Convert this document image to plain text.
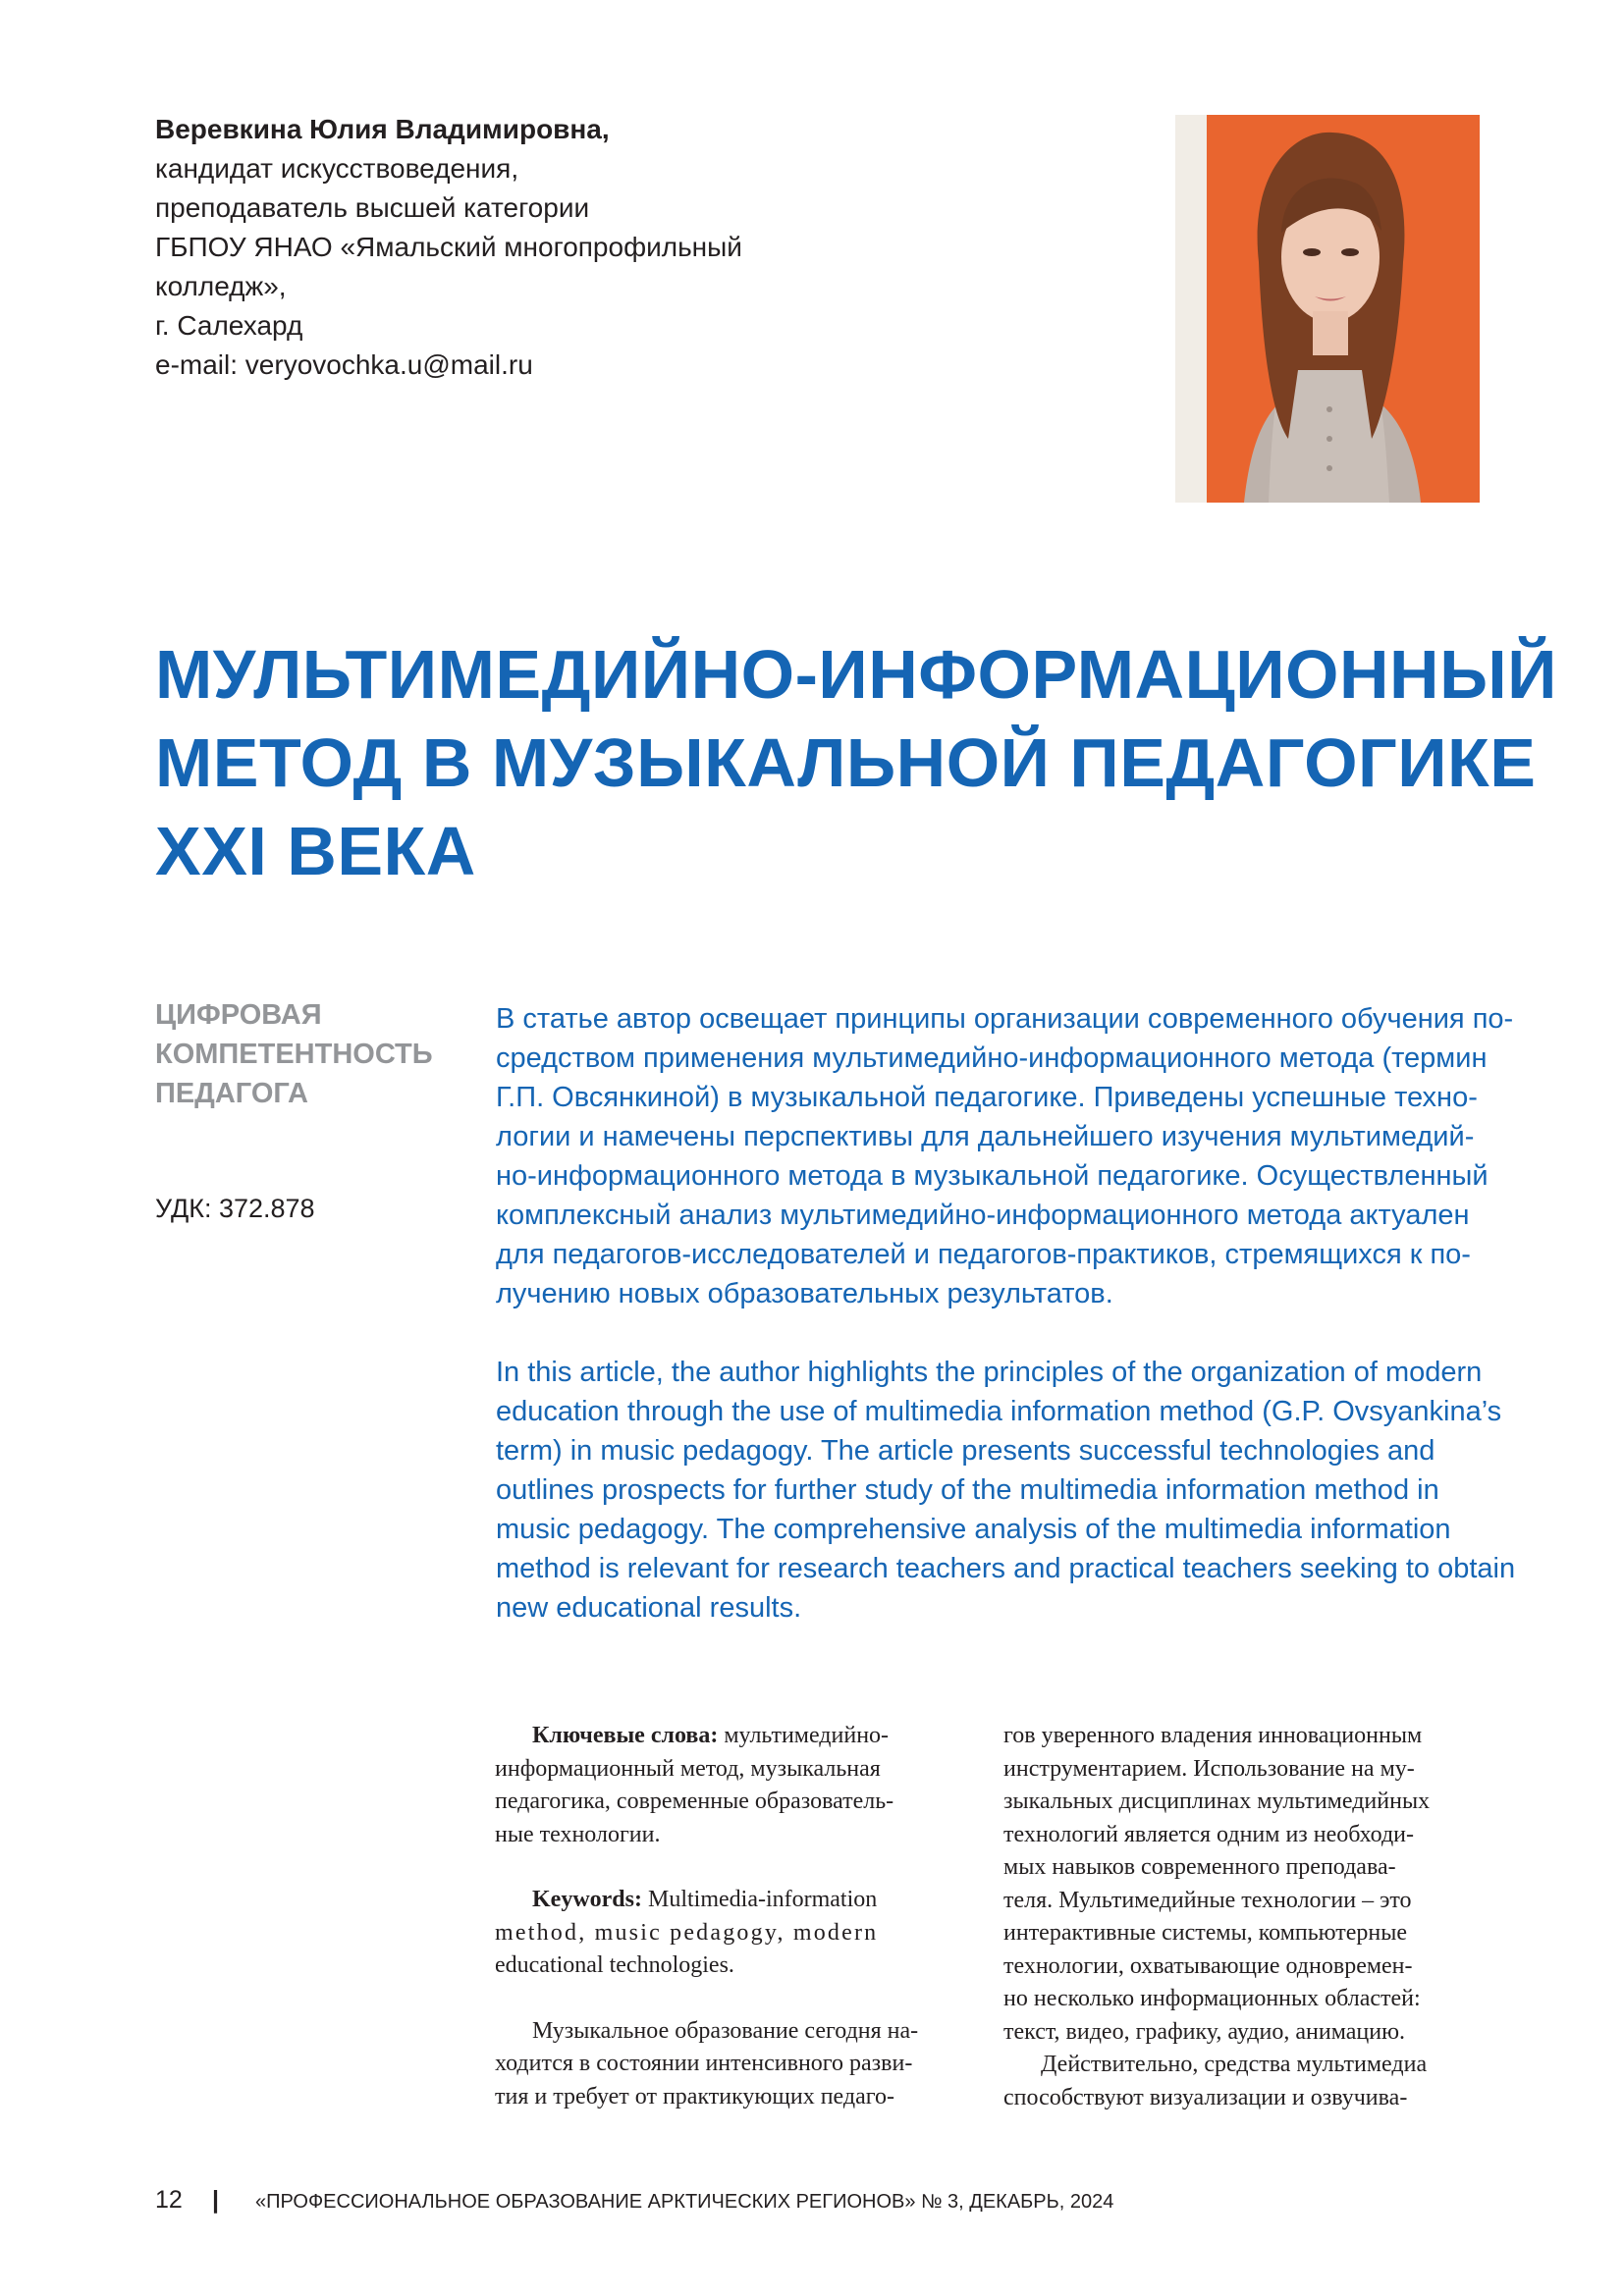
Веревкина Юлия Владимировна,
кандидат искусствоведения,
преподаватель высшей категории
ГБПОУ ЯНАО «Ямальский многопрофильный
колледж»,
г. Салехард
e-mail: veryovochka.u@mail.ru
МУЛЬТИМЕДИЙНО-ИНФОРМАЦИОННЫЙ
МЕТОД В МУЗЫКАЛЬНОЙ ПЕДАГОГИКЕ
XXI ВЕКА
ЦИФРОВАЯ
КОМПЕТЕНТНОСТЬ
ПЕДАГОГА
УДК: 372.878
В статье автор освещает принципы организации современного обучения по-
средством применения мультимедийно-информационного метода (термин
Г.П. Овсянкиной) в музыкальной педагогике. Приведены успешные техно-
логии и намечены перспективы для дальнейшего изучения мультимедий-
но-информационного метода в музыкальной педагогике. Осуществленный
комплексный анализ мультимедийно-информационного метода актуален
для педагогов-исследователей и педагогов-практиков, стремящихся к по-
лучению новых образовательных результатов.
In this article, the author highlights the principles of the organization of modern
education through the use of multimedia information method (G.P. Ovsyankina’s
term) in music pedagogy. The article presents successful technologies and
outlines prospects for further study of the multimedia information method in
music pedagogy. The comprehensive analysis of the multimedia information
method is relevant for research teachers and practical teachers seeking to obtain
new educational results.
Ключевые слова: мультимедийно-
информационный метод, музыкальная
педагогика, современные образователь-
ные технологии.
Keywords: Multimedia-information
method, music pedagogy, modern
educational technologies.
Музыкальное образование сегодня на-
ходится в состоянии интенсивного разви-
тия и требует от практикующих педаго-
гов уверенного владения инновационным
инструментарием. Использование на му-
зыкальных дисциплинах мультимедийных
технологий является одним из необходи-
мых навыков современного преподава-
теля. Мультимедийные технологии – это
интерактивные системы, компьютерные
технологии, охватывающие одновремен-
но несколько информационных областей:
текст, видео, графику, аудио, анимацию.
Действительно, средства мультимедиа
способствуют визуализации и озвучива-
12 | «ПРОФЕССИОНАЛЬНОЕ ОБРАЗОВАНИЕ АРКТИЧЕСКИХ РЕГИОНОВ» № 3, ДЕКАБРЬ, 2024
